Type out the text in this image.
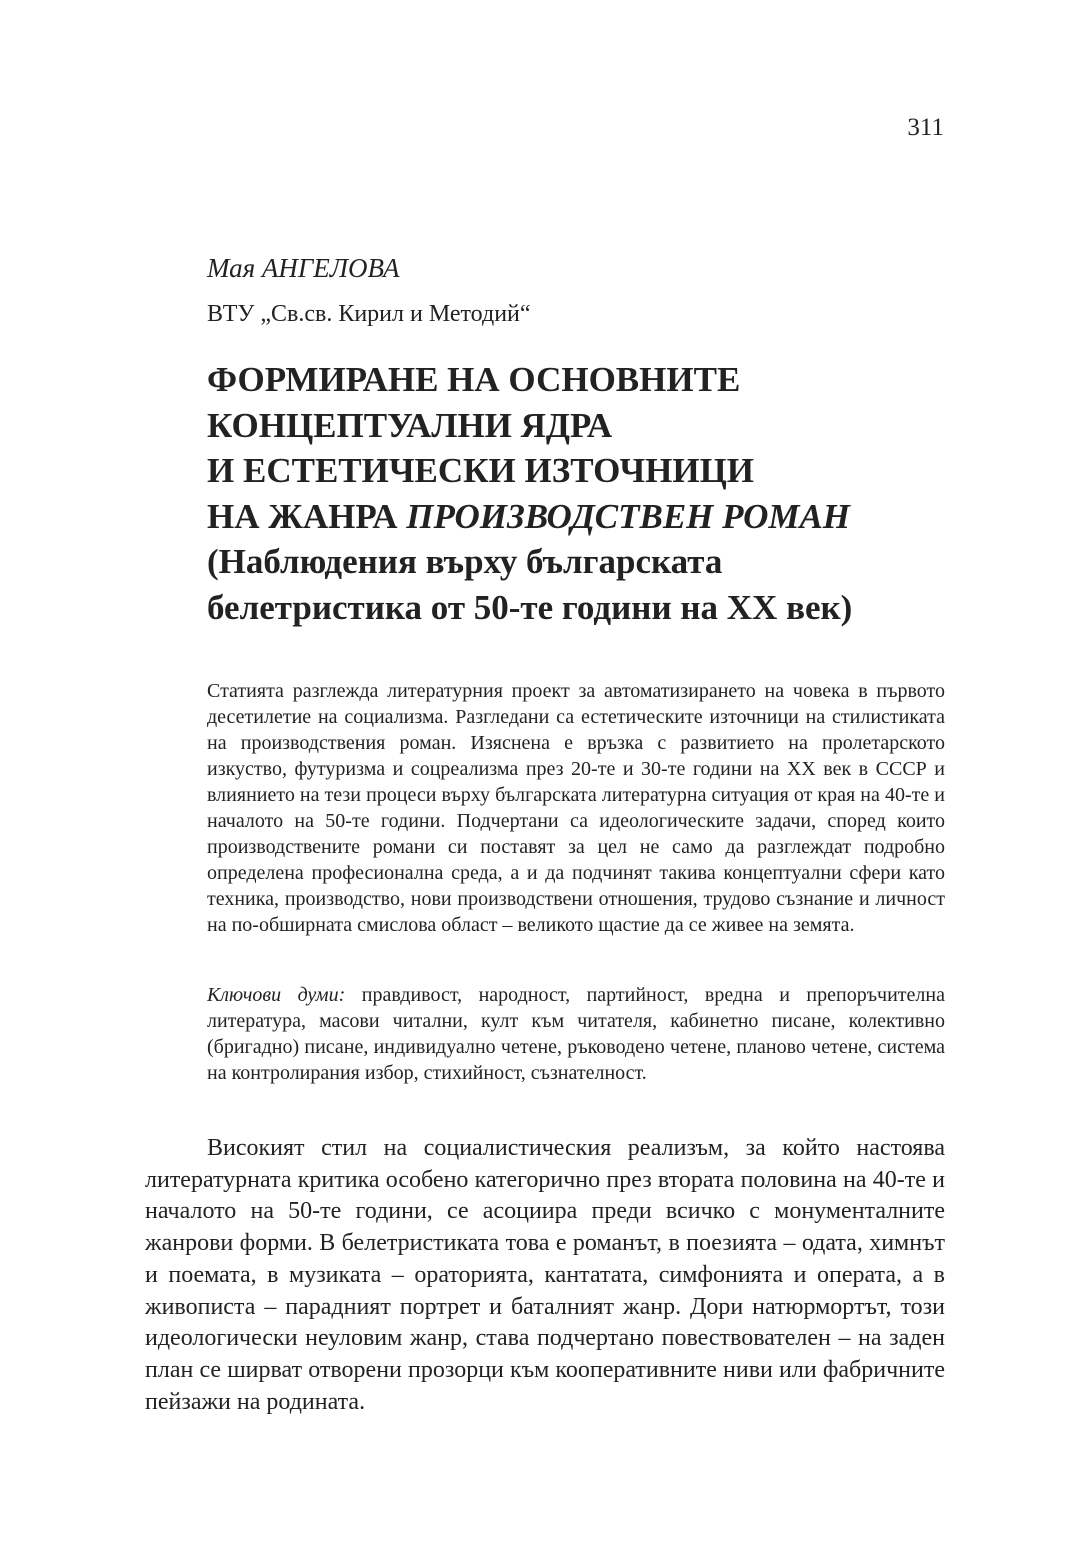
311
Мая АНГЕЛОВА
ВТУ „Св.св. Кирил и Методий“
ФОРМИРАНЕ НА ОСНОВНИТЕ
КОНЦЕПТУАЛНИ ЯДРА
И ЕСТЕТИЧЕСКИ ИЗТОЧНИЦИ
НА ЖАНРА ПРОИЗВОДСТВЕН РОМАН
(Наблюдения върху българската
белетристика от 50-те години на XX век)

Статията разглежда литературния проект за автоматизирането на човека в първото десетилетие на социализма. Разгледани са естетическите източници на стилистиката на производствения роман. Изяснена е връзка с развитието на пролетарското изкуство, футуризма и соцреализма през 20-те и 30-те години на XX век в СССР и влиянието на тези процеси върху българската литературна ситуация от края на 40-те и началото на 50-те години. Подчертани са идеологическите задачи, според които производствените романи си поставят за цел не само да разглеждат подробно определена професионална среда, а и да подчинят такива концептуални сфери като техника, производство, нови производствени отношения, трудово съзнание и личност на по-обширната смислова област – великото щастие да се живее на земята.

Ключови думи: правдивост, народност, партийност, вредна и препоръчителна литература, масови читални, култ към читателя, кабинетно писане, колективно (бригадно) писане, индивидуално четене, ръководено четене, планово четене, система на контролирания избор, стихийност, съзнателност.

Високият стил на социалистическия реализъм, за който настоява литературната критика особено категорично през втората половина на 40-те и началото на 50-те години, се асоциира преди всичко с монументалните жанрови форми. В белетристиката това е романът, в поезията – одата, химнът и поемата, в музиката – ораторията, кантатата, симфонията и операта, а в живописта – парадният портрет и баталният жанр. Дори натюрмортът, този идеологически неуловим жанр, става подчертано повествователен – на заден план се ширват отворени прозорци към кооперативните ниви или фабричните пейзажи на родината.
